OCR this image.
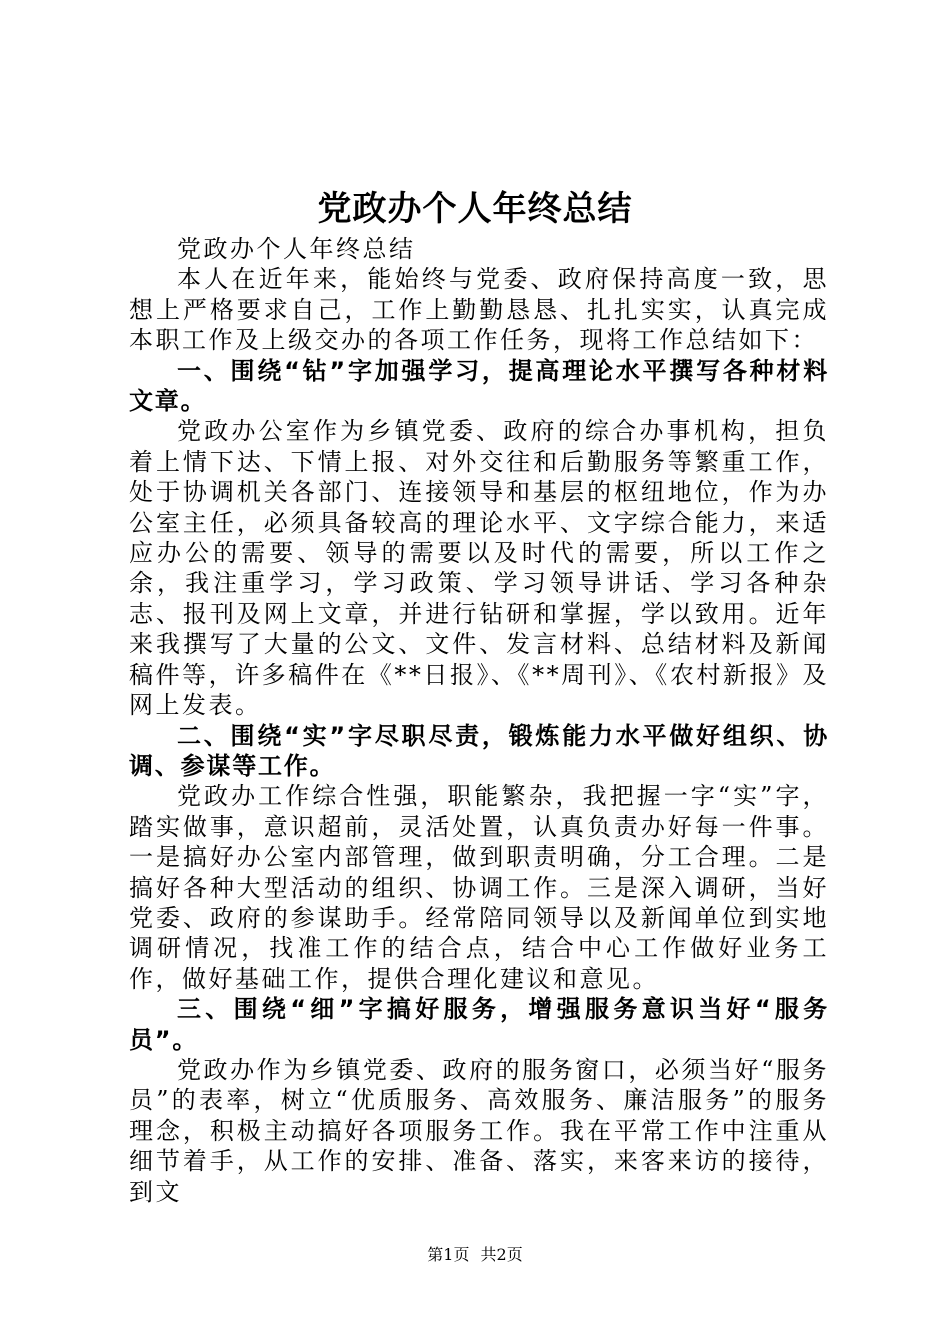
党政办个人年终总结

党政办个人年终总结

本人在近年来，能始终与党委、政府保持高度一致，思想上严格要求自己，工作上勤勤恳恳、扎扎实实，认真完成本职工作及上级交办的各项工作任务，现将工作总结如下：

一、围绕“钻”字加强学习，提高理论水平撰写各种材料文章。

党政办公室作为乡镇党委、政府的综合办事机构，担负着上情下达、下情上报、对外交往和后勤服务等繁重工作，处于协调机关各部门、连接领导和基层的枢纽地位，作为办公室主任，必须具备较高的理论水平、文字综合能力，来适应办公的需要、领导的需要以及时代的需要，所以工作之余，我注重学习，学习政策、学习领导讲话、学习各种杂志、报刊及网上文章，并进行钻研和掌握，学以致用。近年来我撰写了大量的公文、文件、发言材料、总结材料及新闻稿件等，许多稿件在《**日报》、《**周刊》、《农村新报》及网上发表。

二、围绕“实”字尽职尽责，锻炼能力水平做好组织、协调、参谋等工作。

党政办工作综合性强，职能繁杂，我把握一字“实”字，踏实做事，意识超前，灵活处置，认真负责办好每一件事。一是搞好办公室内部管理，做到职责明确，分工合理。二是搞好各种大型活动的组织、协调工作。三是深入调研，当好党委、政府的参谋助手。经常陪同领导以及新闻单位到实地调研情况，找准工作的结合点，结合中心工作做好业务工作，做好基础工作，提供合理化建议和意见。

三、围绕“细”字搞好服务，增强服务意识当好“服务员”。

党政办作为乡镇党委、政府的服务窗口，必须当好“服务员”的表率，树立“优质服务、高效服务、廉洁服务”的服务理念，积极主动搞好各项服务工作。我在平常工作中注重从细节着手，从工作的安排、准备、落实，来客来访的接待，到文

第1页 共2页
